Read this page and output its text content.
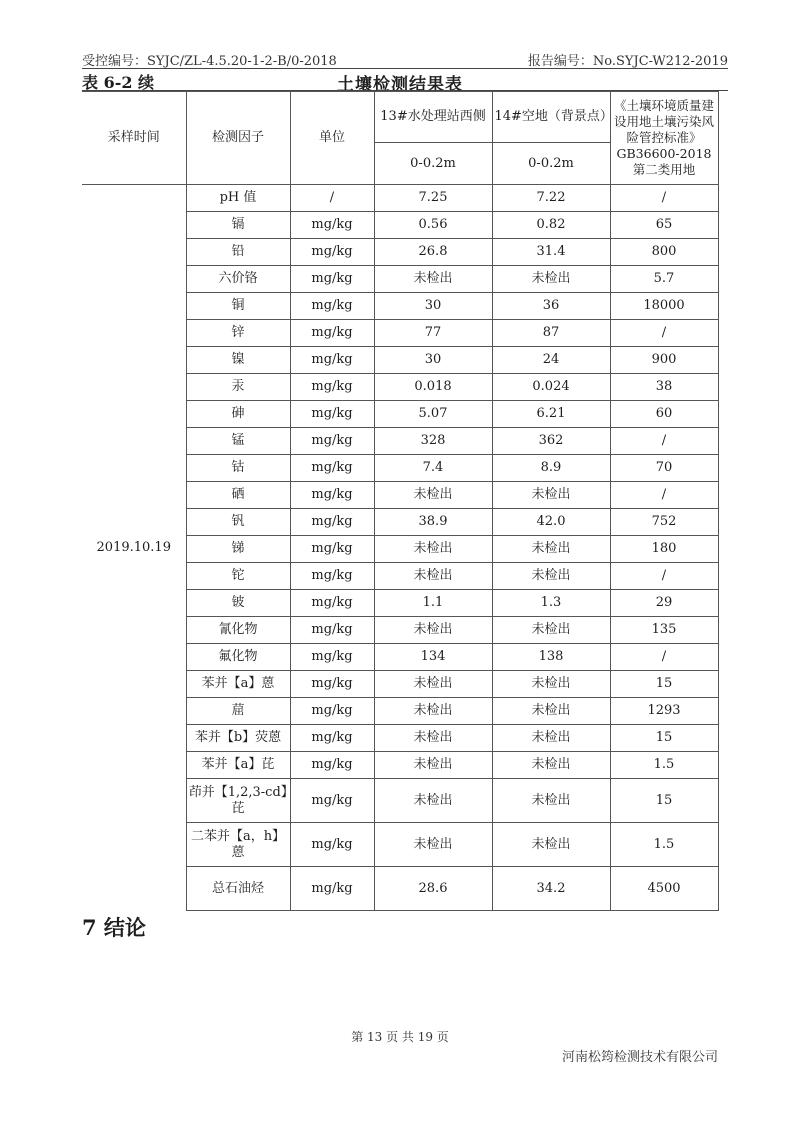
受控编号：SYJC/ZL-4.5.20-1-2-B/0-2018	报告编号：No.SYJC-W212-2019
表 6-2 续	土壤检测结果表
采样时间	检测因子	单位	13#水处理站西侧	14#空地（背景点）	《土壤环境质量建设用地土壤污染风险管控标准》GB36600-2018 第二类用地
			0-0.2m	0-0.2m	
2019.10.19	pH 值	/	7.25	7.22	/
	镉	mg/kg	0.56	0.82	65
	铅	mg/kg	26.8	31.4	800
	六价铬	mg/kg	未检出	未检出	5.7
	铜	mg/kg	30	36	18000
	锌	mg/kg	77	87	/
	镍	mg/kg	30	24	900
	汞	mg/kg	0.018	0.024	38
	砷	mg/kg	5.07	6.21	60
	锰	mg/kg	328	362	/
	钴	mg/kg	7.4	8.9	70
	硒	mg/kg	未检出	未检出	/
	钒	mg/kg	38.9	42.0	752
	锑	mg/kg	未检出	未检出	180
	铊	mg/kg	未检出	未检出	/
	铍	mg/kg	1.1	1.3	29
	氰化物	mg/kg	未检出	未检出	135
	氟化物	mg/kg	134	138	/
	苯并【a】蒽	mg/kg	未检出	未检出	15
	䓛	mg/kg	未检出	未检出	1293
	苯并【b】荧蒽	mg/kg	未检出	未检出	15
	苯并【a】芘	mg/kg	未检出	未检出	1.5
	茚并【1,2,3-cd】芘	mg/kg	未检出	未检出	15
	二苯并【a，h】蒽	mg/kg	未检出	未检出	1.5
	总石油烃	mg/kg	28.6	34.2	4500
7 结论
第 13 页 共 19 页
河南松筠检测技术有限公司
